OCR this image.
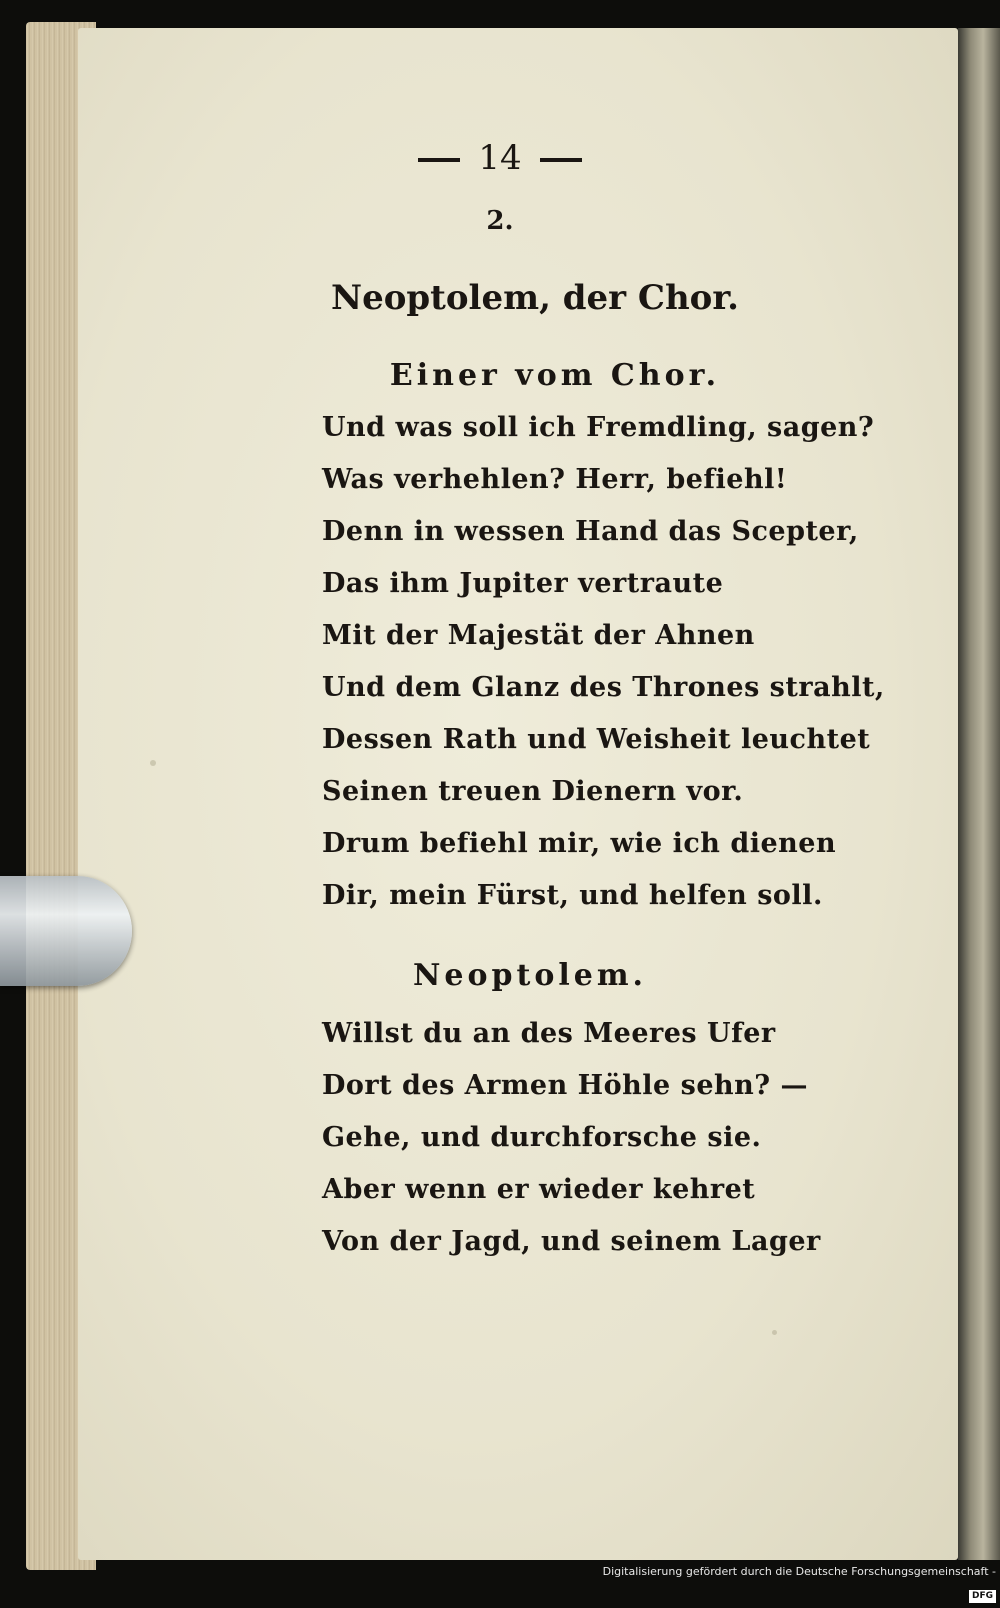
14
2.
Neoptolem, der Chor.
Einer vom Chor.
Und was soll ich Fremdling, sagen?
Was verhehlen? Herr, befiehl!
Denn in wessen Hand das Scepter,
Das ihm Jupiter vertraute
Mit der Majestät der Ahnen
Und dem Glanz des Thrones strahlt,
Dessen Rath und Weisheit leuchtet
Seinen treuen Dienern vor.
Drum befiehl mir, wie ich dienen
Dir, mein Fürst, und helfen soll.
Neoptolem.
Willst du an des Meeres Ufer
Dort des Armen Höhle sehn? —
Gehe, und durchforsche sie.
Aber wenn er wieder kehret
Von der Jagd, und seinem Lager
Digitalisierung gefördert durch die Deutsche Forschungsgemeinschaft -DFG
